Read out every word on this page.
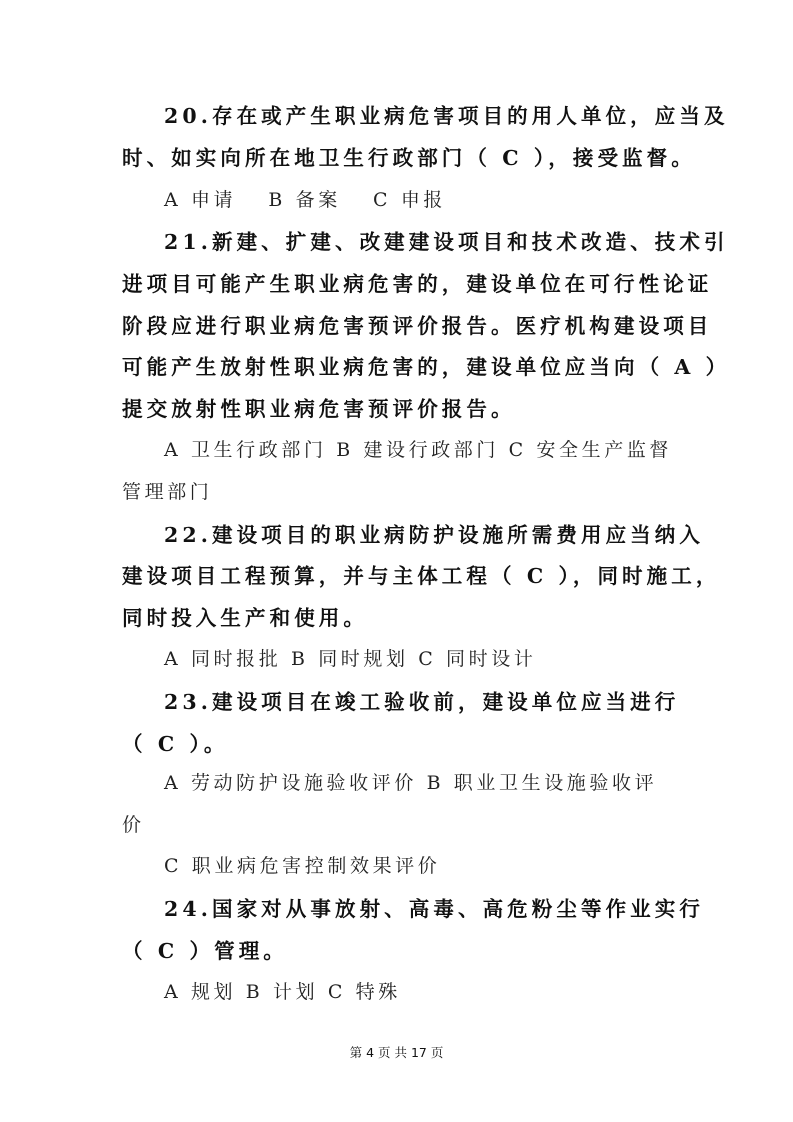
20.存在或产生职业病危害项目的用人单位，应当及
时、如实向所在地卫生行政部门（ C ），接受监督。
A 申请　 B 备案　 C 申报
21.新建、扩建、改建建设项目和技术改造、技术引
进项目可能产生职业病危害的，建设单位在可行性论证
阶段应进行职业病危害预评价报告。医疗机构建设项目
可能产生放射性职业病危害的，建设单位应当向（ A ）
提交放射性职业病危害预评价报告。
A 卫生行政部门 B 建设行政部门 C 安全生产监督
管理部门
22.建设项目的职业病防护设施所需费用应当纳入
建设项目工程预算，并与主体工程（ C ），同时施工，
同时投入生产和使用。
A 同时报批 B 同时规划 C 同时设计
23.建设项目在竣工验收前，建设单位应当进行
（ C ）。
A 劳动防护设施验收评价 B 职业卫生设施验收评
价
C 职业病危害控制效果评价
24.国家对从事放射、高毒、高危粉尘等作业实行
（ C ）管理。
A 规划 B 计划 C 特殊
第 4 页 共 17 页
